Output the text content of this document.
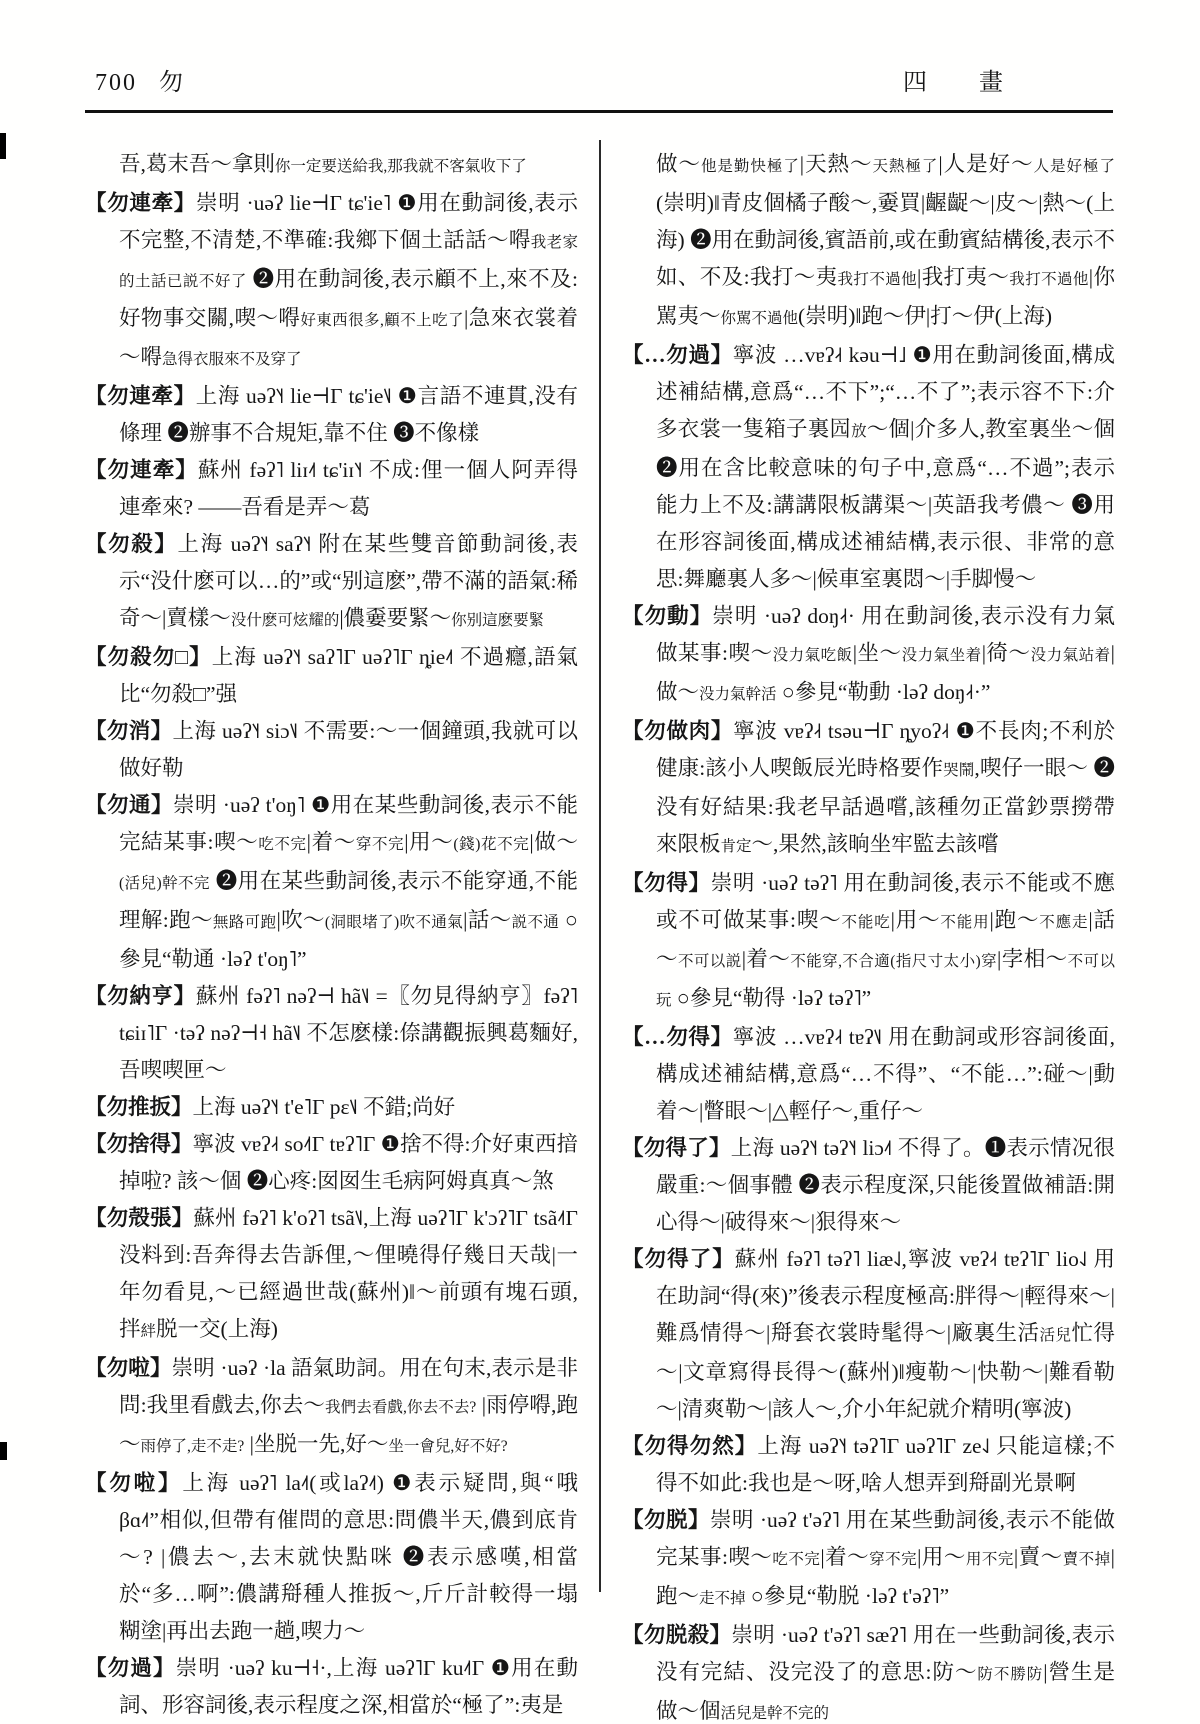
700 勿	四　畫

吾,葛末吾～拿則你一定要送給我,那我就不客氣收下了

【勿連牽】崇明 ·uəʔ lie⊣Γ tɕ'ie˥ ❶用在動詞後,表示不完整,不清楚,不準確:我鄉下個土話話～嘚我老家的土話已説不好了 ❷用在動詞後,表示顧不上,來不及:好物事交關,喫～嘚好東西很多,顧不上吃了|急來衣裳着～嘚急得衣服來不及穿了

【勿連牽】上海 uəʔ˥˧ lie⊣Γ tɕ'ie˥˩ ❶言語不連貫,没有條理 ❷辦事不合規矩,靠不住 ❸不像樣

【勿連牽】蘇州 fəʔ˥ liɪ˨˦ tɕ'iɪ˥˧ 不成:俚一個人阿弄得連牽來? ——吾看是弄～葛

【勿殺】上海 uəʔ˥˧ saʔ˥˧ 附在某些雙音節動詞後,表示“没什麽可以…的”或“别這麽”,帶不滿的語氣:稀奇～|賣樣～没什麽可炫耀的|儂嫑要緊～你别這麽要緊

【勿殺勿□】上海 uəʔ˥˧ saʔ˥Γ uəʔ˥Γ ȵie˨˦ 不過癮,語氣比“勿殺□”强

【勿消】上海 uəʔ˥˧ siɔ˥˩ 不需要:～一個鐘頭,我就可以做好勒

【勿通】崇明 ·uəʔ t'oŋ˥ ❶用在某些動詞後,表示不能完結某事:喫～吃不完|着～穿不完|用～(錢)花不完|做～(活兒)幹不完 ❷用在某些動詞後,表示不能穿通,不能理解:跑～無路可跑|吹～(洞眼堵了)吹不通氣|話～説不通 ○參見“勒通 ·ləʔ t'oŋ˥”

【勿納亨】蘇州 fəʔ˥ nəʔ⊣ hã˥˩ =〖勿見得納亨〗fəʔ˥ tɕiɪ˥Γ ·təʔ nəʔ⊣˧ hã˥˩ 不怎麽樣:倷講觀振興葛麵好,吾喫喫匣～

【勿推扳】上海 uəʔ˥˧ t'e˥Γ pɛ˥˩ 不錯;尚好

【勿捨得】寧波 vɐʔ˨˧ so˨˦Γ tɐʔ˥Γ ❶捨不得:介好東西揞掉啦? 該～個 ❷心疼:囡囡生毛病阿姆真真～煞

【勿殻張】蘇州 fəʔ˥ k'oʔ˥ tsã˥˩,上海 uəʔ˥Γ k'ɔʔ˥Γ tsã˨˦Γ 没料到:吾奔得去告訴俚,～俚曉得仔幾日天哉|一年勿看見,～已經過世哉(蘇州)‖～前頭有塊石頭,拌絆脱一交(上海)

【勿啦】崇明 ·uəʔ ·la 語氣助詞。用在句末,表示是非問:我里看戲去,你去～我們去看戲,你去不去? |雨停嘚,跑～雨停了,走不走? |坐脱一先,好～坐一會兒,好不好?

【勿啦】上海 uəʔ˥ la˨˦(或laʔ˨˦) ❶表示疑問,與“哦 βɑ˨˦”相似,但帶有催問的意思:問儂半天,儂到底肯～? |儂去～,去末就快點咪 ❷表示感嘆,相當於“多…啊”:儂講搿種人推扳～,斤斤計較得一塌糊塗|再出去跑一趟,喫力～

【勿過】崇明 ·uəʔ ku⊣˧·,上海 uəʔ˥Γ ku˨˦Γ ❶用在動詞、形容詞後,表示程度之深,相當於“極了”:夷是

做～他是勤快極了|天熱～天熱極了|人是好～人是好極了(崇明)‖青皮個橘子酸～,嫑買|齷齪～|皮～|熱～(上海) ❷用在動詞後,賓語前,或在動賓結構後,表示不如、不及:我打～夷我打不過他|我打夷～我打不過他|你駡夷～你駡不過他(崇明)‖跑～伊|打～伊(上海)

【…勿過】寧波 …vɐʔ˨˧ kəu⊣˩ ❶用在動詞後面,構成述補結構,意爲“…不下”;“…不了”;表示容不下:介多衣裳一隻箱子裏囥放～個|介多人,教室裏坐～個 ❷用在含比較意味的句子中,意爲“…不過”;表示能力上不及:講講限板講渠～|英語我考儂～ ❸用在形容詞後面,構成述補結構,表示很、非常的意思:舞廳裏人多～|候車室裏悶～|手脚慢～

【勿動】崇明 ·uəʔ doŋ˨˧· 用在動詞後,表示没有力氣做某事:喫～没力氣吃飯|坐～没力氣坐着|徛～没力氣站着|做～没力氣幹活 ○參見“勒動 ·ləʔ doŋ˨˧·”

【勿做肉】寧波 vɐʔ˨˧ tsəu⊣Γ ȵyoʔ˨˧ ❶不長肉;不利於健康:該小人喫飯辰光時格要作哭鬧,喫仔一眼～ ❷没有好結果:我老早話過嚐,該種勿正當鈔票撈帶來限板肯定～,果然,該晌坐牢監去該嚐

【勿得】崇明 ·uəʔ təʔ˥ 用在動詞後,表示不能或不應或不可做某事:喫～不能吃|用～不能用|跑～不應走|話～不可以説|着～不能穿,不合適(指尺寸太小)穿|孛相～不可以玩 ○參見“勒得 ·ləʔ təʔ˥”

【…勿得】寧波 …vɐʔ˨˧ tɐʔ˥˩ 用在動詞或形容詞後面,構成述補結構,意爲“…不得”、“不能…”:碰～|動着～|瞥眼～|△輕仔～,重仔～

【勿得了】上海 uəʔ˥˧ təʔ˥˧ liɔ˨˦ 不得了。❶表示情况很嚴重:～個事體 ❷表示程度深,只能後置做補語:開心得～|破得來～|狠得來～

【勿得了】蘇州 fəʔ˥ təʔ˥ liæ˨˩,寧波 vɐʔ˨˧ tɐʔ˥Γ lio˨˩ 用在助詞“得(來)”後表示程度極高:胖得～|輕得來～|難爲情得～|搿套衣裳時髦得～|廠裏生活活兒忙得～|文章寫得長得～(蘇州)‖瘦勒～|快勒～|難看勒～|清爽勒～|該人～,介小年紀就介精明(寧波)

【勿得勿然】上海 uəʔ˥˧ təʔ˥Γ uəʔ˥Γ ze˨˩ 只能這樣;不得不如此:我也是～呀,啥人想弄到搿副光景啊

【勿脱】崇明 ·uəʔ t'əʔ˥ 用在某些動詞後,表示不能做完某事:喫～吃不完|着～穿不完|用～用不完|賣～賣不掉|跑～走不掉 ○參見“勒脱 ·ləʔ t'əʔ˥”

【勿脱殺】崇明 ·uəʔ t'əʔ˥ sæʔ˥ 用在一些動詞後,表示没有完結、没完没了的意思:防～防不勝防|營生是做～個活兒是幹不完的
